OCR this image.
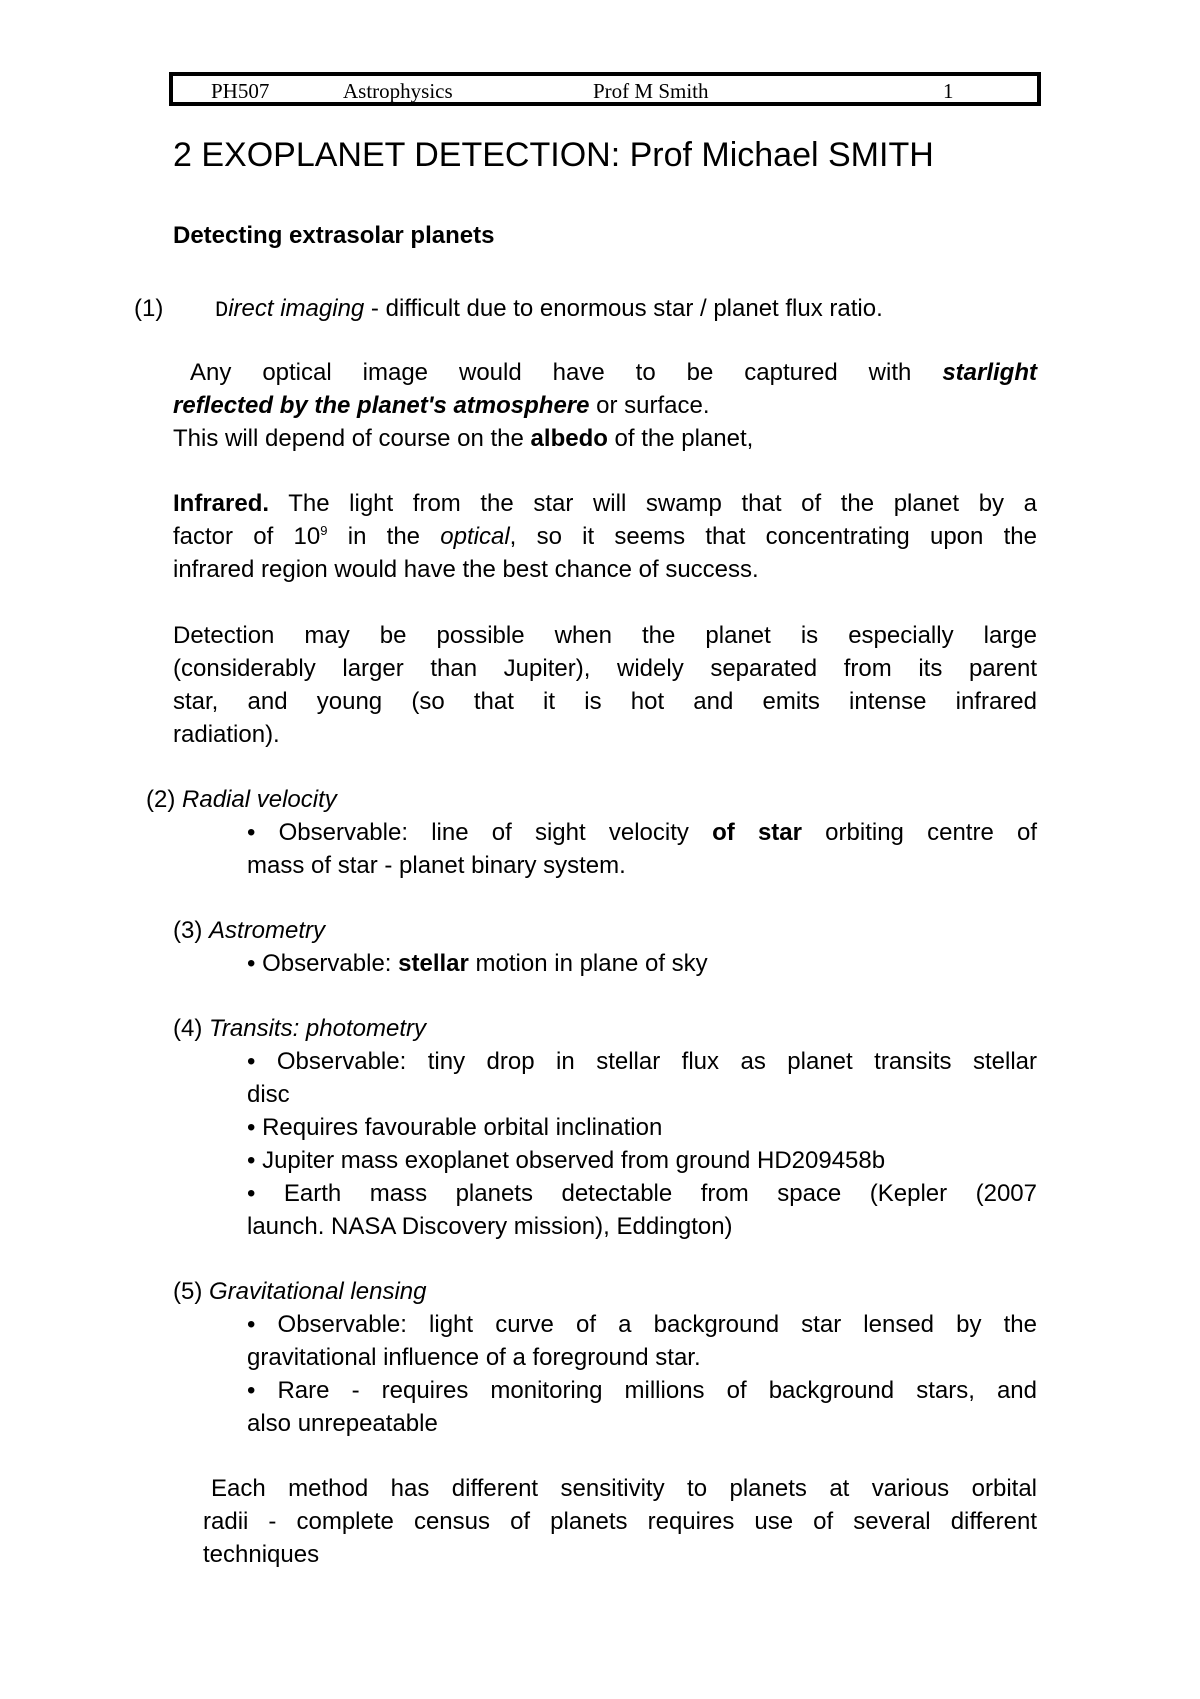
PH507	Astrophysics	Prof M Smith	1
2 EXOPLANET DETECTION: Prof Michael SMITH
Detecting extrasolar planets
(1) Direct imaging - difficult due to enormous star / planet flux ratio.
Any optical image would have to be captured with starlight
reflected by the planet's atmosphere or surface.
This will depend of course on the albedo of the planet,
Infrared. The light from the star will swamp that of the planet by a
factor of $10^9$ in the optical, so it seems that concentrating upon the
infrared region would have the best chance of success.
Detection may be possible when the planet is especially large
(considerably larger than Jupiter), widely separated from its parent
star, and young (so that it is hot and emits intense infrared
radiation).
(2) Radial velocity
• Observable: line of sight velocity of star orbiting centre of
mass of star - planet binary system.
(3) Astrometry
• Observable: stellar motion in plane of sky
(4) Transits: photometry
• Observable: tiny drop in stellar flux as planet transits stellar
disc
• Requires favourable orbital inclination
• Jupiter mass exoplanet observed from ground HD209458b
• Earth mass planets detectable from space (Kepler (2007
launch. NASA Discovery mission), Eddington)
(5) Gravitational lensing
• Observable: light curve of a background star lensed by the
gravitational influence of a foreground star.
• Rare - requires monitoring millions of background stars, and
also unrepeatable
Each method has different sensitivity to planets at various orbital
radii - complete census of planets requires use of several different
techniques
